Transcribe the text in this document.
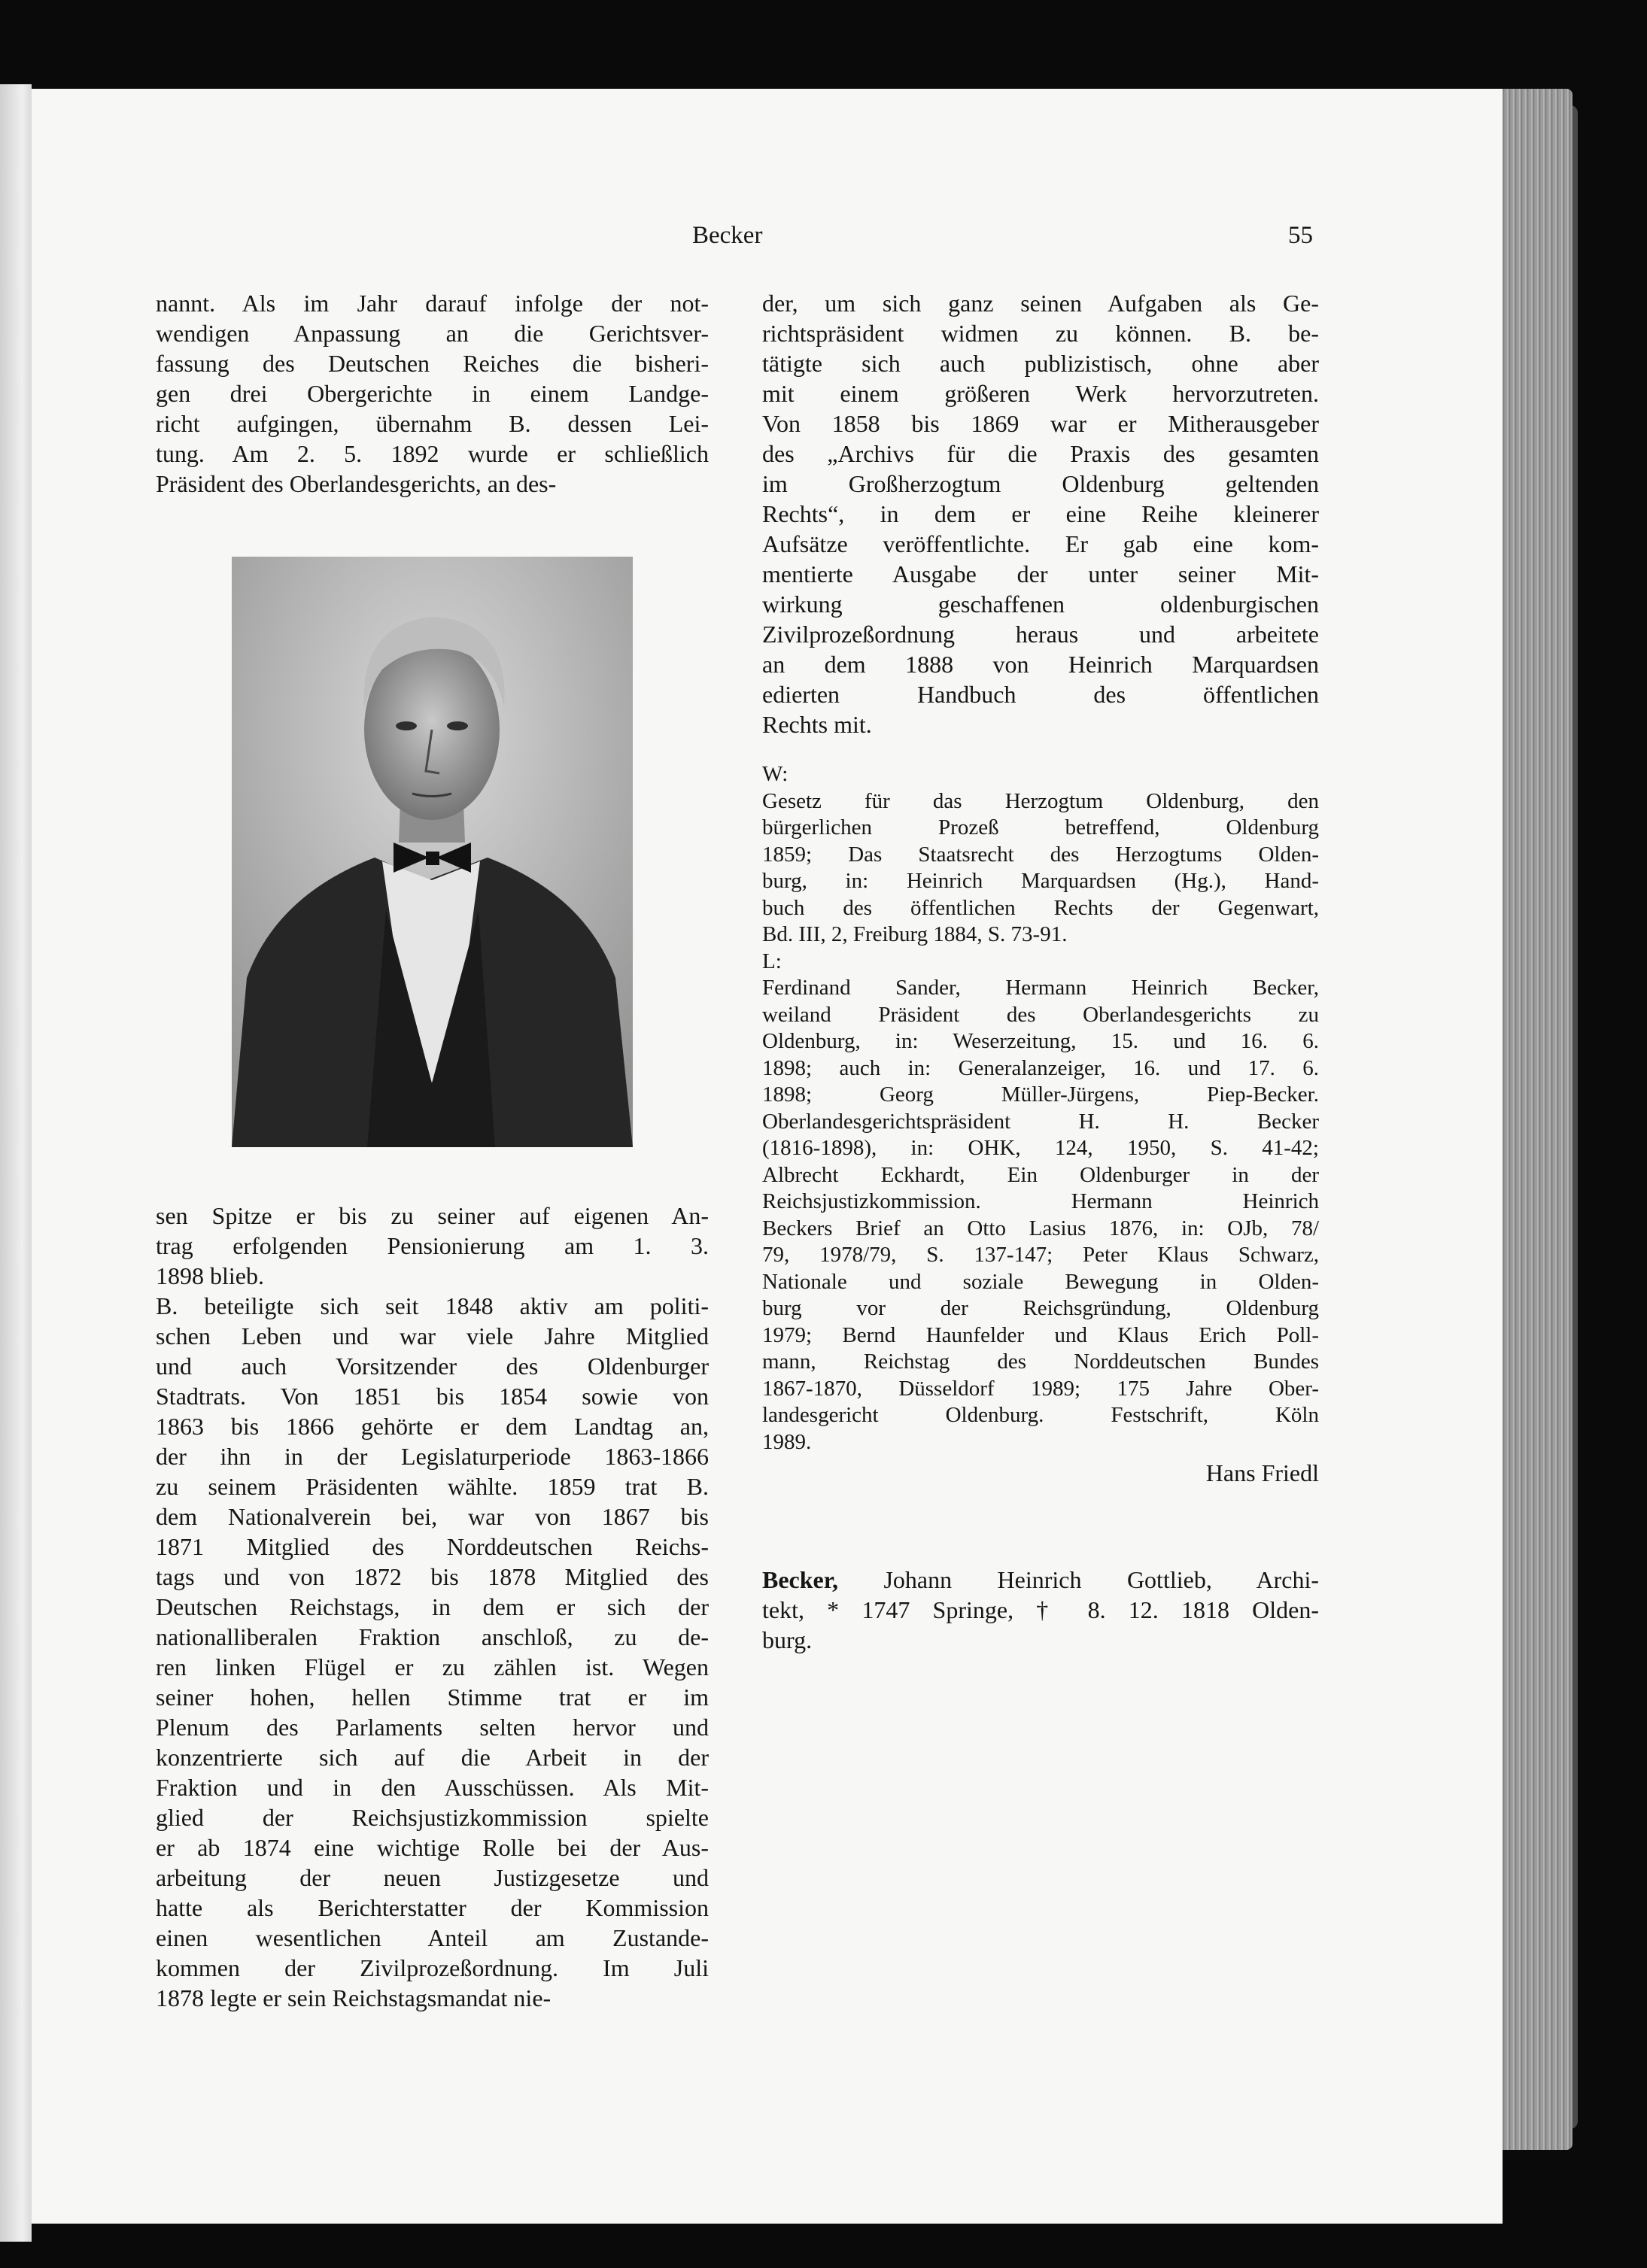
Becker	55
nannt. Als im Jahr darauf infolge der not-
wendigen Anpassung an die Gerichtsver-
fassung des Deutschen Reiches die bisheri-
gen drei Obergerichte in einem Landge-
richt aufgingen, übernahm B. dessen Lei-
tung. Am 2. 5. 1892 wurde er schließlich
Präsident des Oberlandesgerichts, an des-
sen Spitze er bis zu seiner auf eigenen An-
trag erfolgenden Pensionierung am 1. 3.
1898 blieb.
B. beteiligte sich seit 1848 aktiv am politi-
schen Leben und war viele Jahre Mitglied
und auch Vorsitzender des Oldenburger
Stadtrats. Von 1851 bis 1854 sowie von
1863 bis 1866 gehörte er dem Landtag an,
der ihn in der Legislaturperiode 1863-1866
zu seinem Präsidenten wählte. 1859 trat B.
dem Nationalverein bei, war von 1867 bis
1871 Mitglied des Norddeutschen Reichs-
tags und von 1872 bis 1878 Mitglied des
Deutschen Reichstags, in dem er sich der
nationalliberalen Fraktion anschloß, zu de-
ren linken Flügel er zu zählen ist. Wegen
seiner hohen, hellen Stimme trat er im
Plenum des Parlaments selten hervor und
konzentrierte sich auf die Arbeit in der
Fraktion und in den Ausschüssen. Als Mit-
glied der Reichsjustizkommission spielte
er ab 1874 eine wichtige Rolle bei der Aus-
arbeitung der neuen Justizgesetze und
hatte als Berichterstatter der Kommission
einen wesentlichen Anteil am Zustande-
kommen der Zivilprozeßordnung. Im Juli
1878 legte er sein Reichstagsmandat nie-
der, um sich ganz seinen Aufgaben als Ge-
richtspräsident widmen zu können. B. be-
tätigte sich auch publizistisch, ohne aber
mit einem größeren Werk hervorzutreten.
Von 1858 bis 1869 war er Mitherausgeber
des „Archivs für die Praxis des gesamten
im Großherzogtum Oldenburg geltenden
Rechts“, in dem er eine Reihe kleinerer
Aufsätze veröffentlichte. Er gab eine kom-
mentierte Ausgabe der unter seiner Mit-
wirkung geschaffenen oldenburgischen
Zivilprozeßordnung heraus und arbeitete
an dem 1888 von Heinrich Marquardsen
edierten Handbuch des öffentlichen
Rechts mit.
W:
Gesetz für das Herzogtum Oldenburg, den
bürgerlichen Prozeß betreffend, Oldenburg
1859; Das Staatsrecht des Herzogtums Olden-
burg, in: Heinrich Marquardsen (Hg.), Hand-
buch des öffentlichen Rechts der Gegenwart,
Bd. III, 2, Freiburg 1884, S. 73-91.
L:
Ferdinand Sander, Hermann Heinrich Becker,
weiland Präsident des Oberlandesgerichts zu
Oldenburg, in: Weserzeitung, 15. und 16. 6.
1898; auch in: Generalanzeiger, 16. und 17. 6.
1898; Georg Müller-Jürgens, Piep-Becker.
Oberlandesgerichtspräsident H. H. Becker
(1816-1898), in: OHK, 124, 1950, S. 41-42;
Albrecht Eckhardt, Ein Oldenburger in der
Reichsjustizkommission. Hermann Heinrich
Beckers Brief an Otto Lasius 1876, in: OJb, 78/
79, 1978/79, S. 137-147; Peter Klaus Schwarz,
Nationale und soziale Bewegung in Olden-
burg vor der Reichsgründung, Oldenburg
1979; Bernd Haunfelder und Klaus Erich Poll-
mann, Reichstag des Norddeutschen Bundes
1867-1870, Düsseldorf 1989; 175 Jahre Ober-
landesgericht Oldenburg. Festschrift, Köln
1989.
Hans Friedl
Becker, Johann Heinrich Gottlieb, Archi-
tekt, * 1747 Springe, † 8. 12. 1818 Olden-
burg.
